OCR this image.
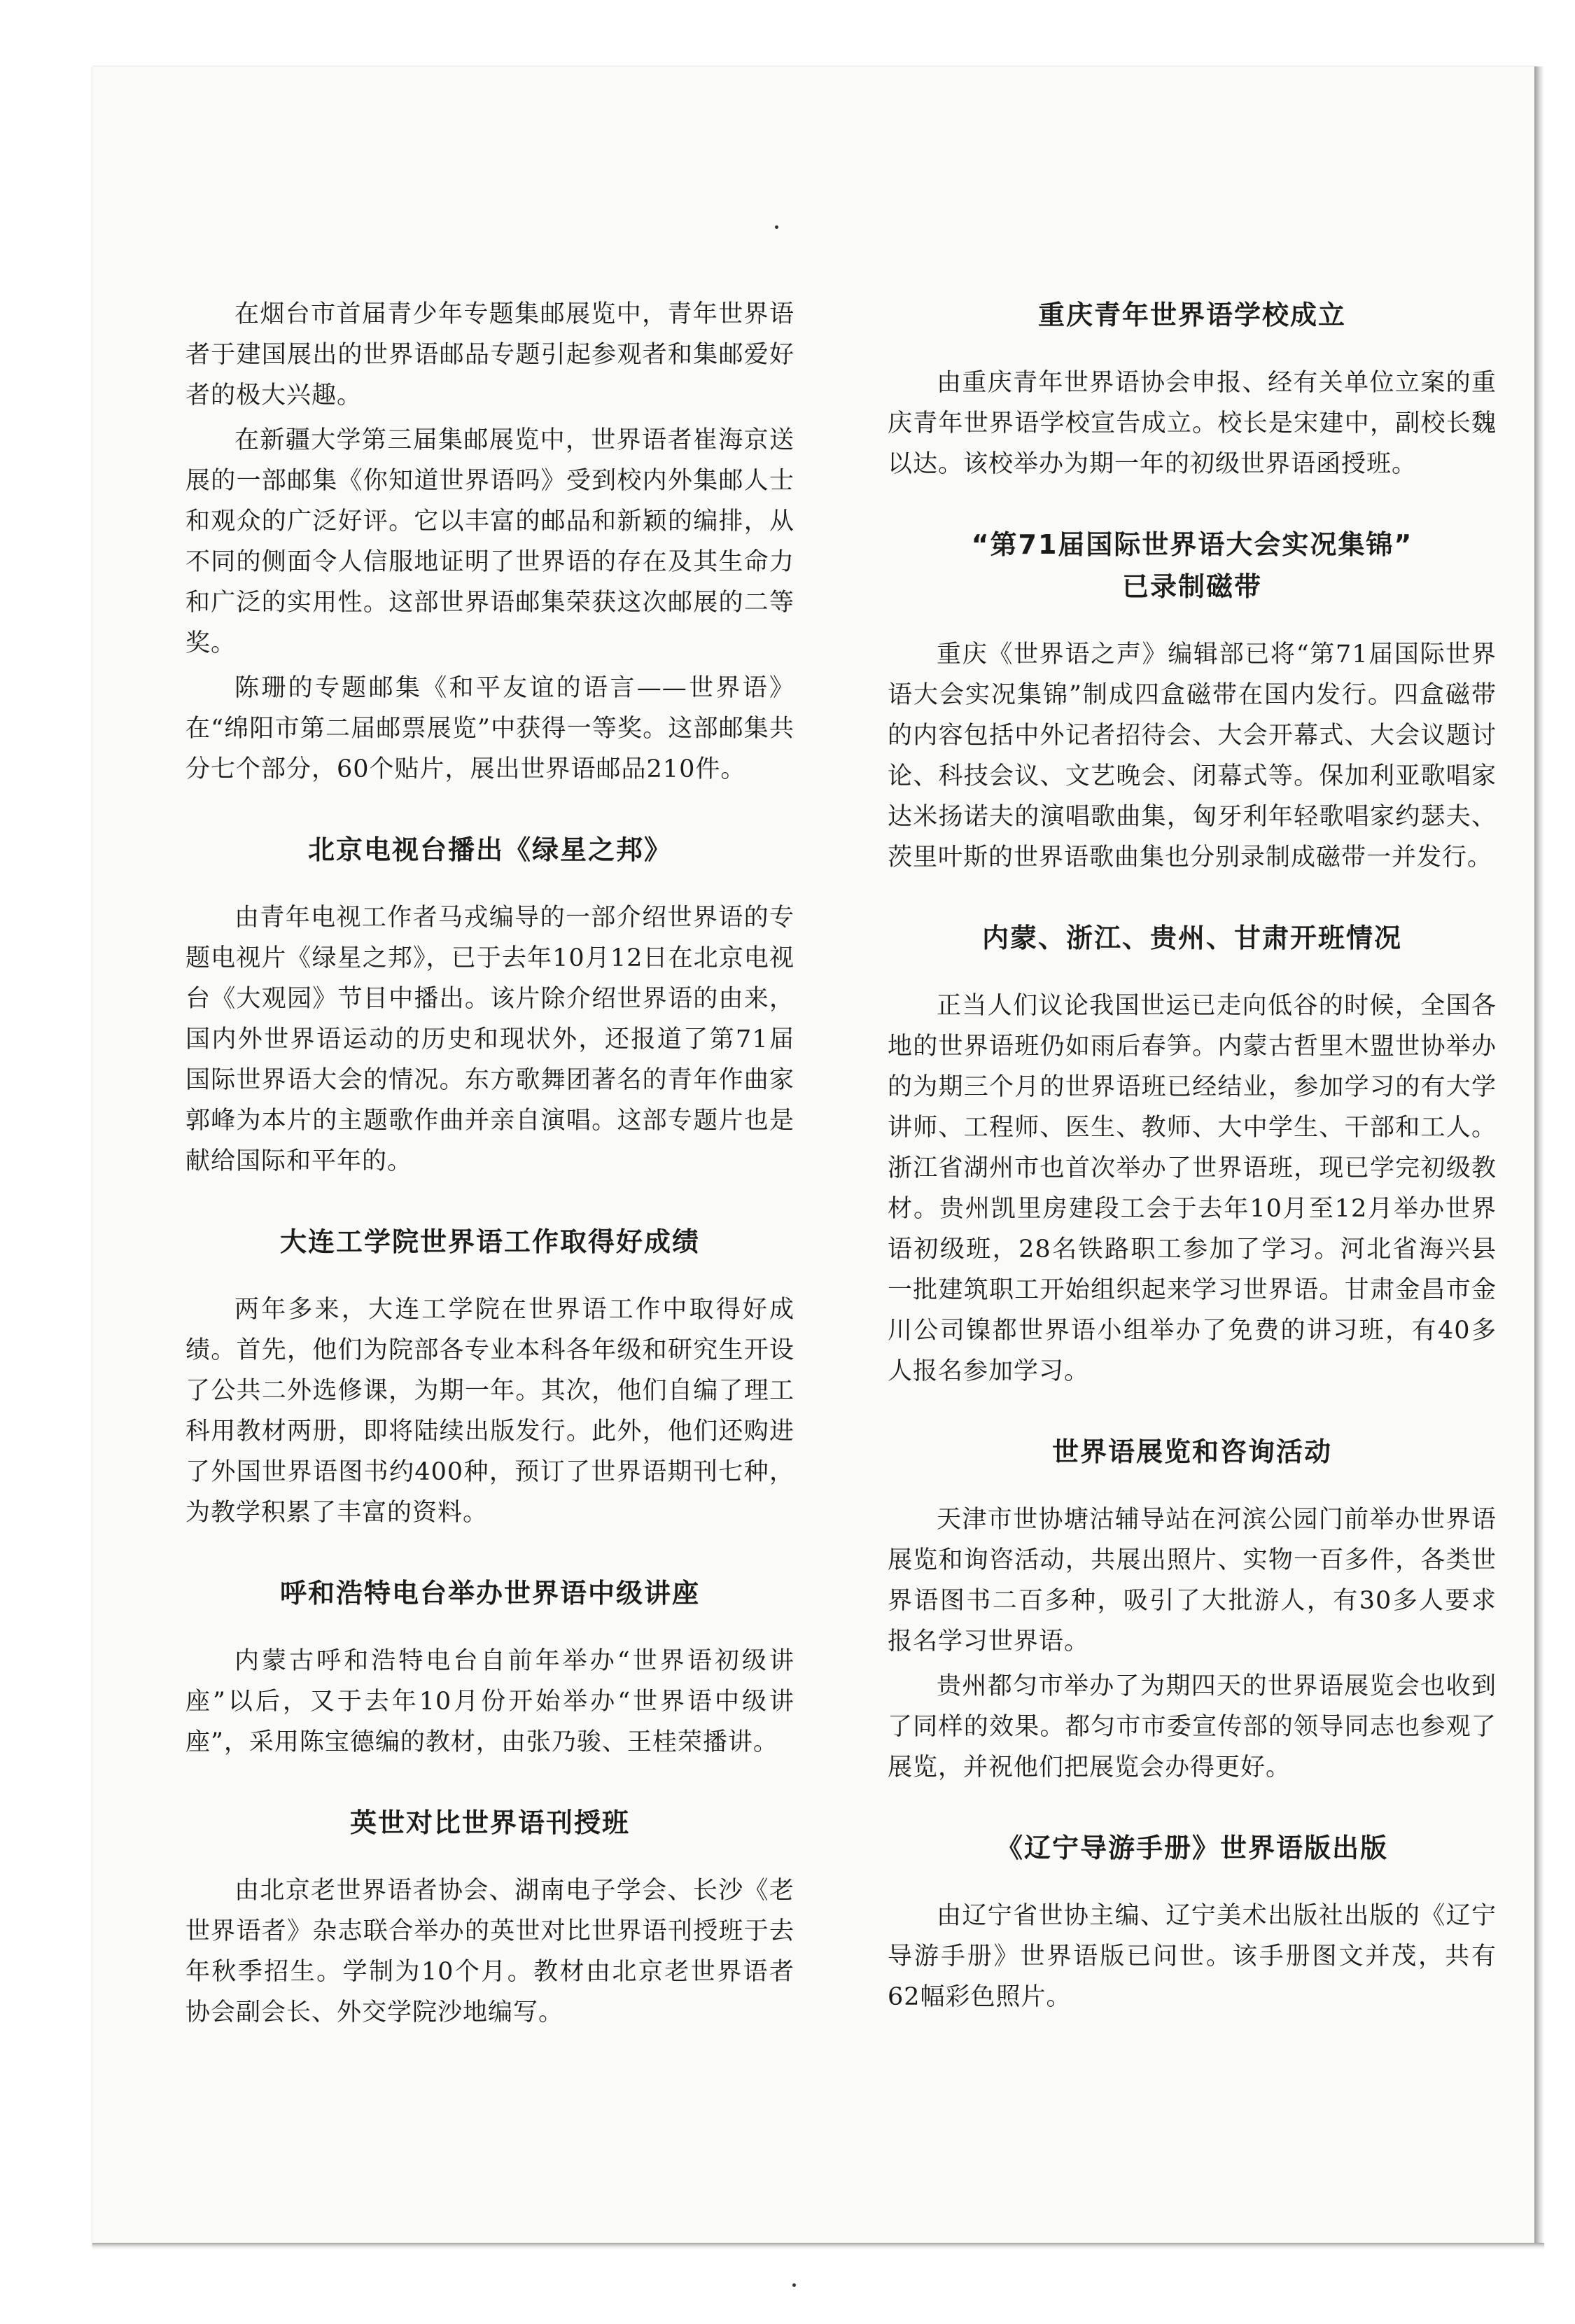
在烟台市首届青少年专题集邮展览中，青年世界语者于建国展出的世界语邮品专题引起参观者和集邮爱好者的极大兴趣。

在新疆大学第三届集邮展览中，世界语者崔海京送展的一部邮集《你知道世界语吗》受到校内外集邮人士和观众的广泛好评。它以丰富的邮品和新颖的编排，从不同的侧面令人信服地证明了世界语的存在及其生命力和广泛的实用性。这部世界语邮集荣获这次邮展的二等奖。

陈珊的专题邮集《和平友谊的语言——世界语》在“绵阳市第二届邮票展览”中获得一等奖。这部邮集共分七个部分，60个贴片，展出世界语邮品210件。

北京电视台播出《绿星之邦》

由青年电视工作者马戎编导的一部介绍世界语的专题电视片《绿星之邦》，已于去年10月12日在北京电视台《大观园》节目中播出。该片除介绍世界语的由来，国内外世界语运动的历史和现状外，还报道了第71届国际世界语大会的情况。东方歌舞团著名的青年作曲家郭峰为本片的主题歌作曲并亲自演唱。这部专题片也是献给国际和平年的。

大连工学院世界语工作取得好成绩

两年多来，大连工学院在世界语工作中取得好成绩。首先，他们为院部各专业本科各年级和研究生开设了公共二外选修课，为期一年。其次，他们自编了理工科用教材两册，即将陆续出版发行。此外，他们还购进了外国世界语图书约400种，预订了世界语期刊七种，为教学积累了丰富的资料。

呼和浩特电台举办世界语中级讲座

内蒙古呼和浩特电台自前年举办“世界语初级讲座”以后，又于去年10月份开始举办“世界语中级讲座”，采用陈宝德编的教材，由张乃骏、王桂荣播讲。

英世对比世界语刊授班

由北京老世界语者协会、湖南电子学会、长沙《老世界语者》杂志联合举办的英世对比世界语刊授班于去年秋季招生。学制为10个月。教材由北京老世界语者协会副会长、外交学院沙地编写。

重庆青年世界语学校成立

由重庆青年世界语协会申报、经有关单位立案的重庆青年世界语学校宣告成立。校长是宋建中，副校长魏以达。该校举办为期一年的初级世界语函授班。

“第71届国际世界语大会实况集锦”
已录制磁带

重庆《世界语之声》编辑部已将“第71届国际世界语大会实况集锦”制成四盒磁带在国内发行。四盒磁带的内容包括中外记者招待会、大会开幕式、大会议题讨论、科技会议、文艺晚会、闭幕式等。保加利亚歌唱家达米扬诺夫的演唱歌曲集，匈牙利年轻歌唱家约瑟夫、茨里叶斯的世界语歌曲集也分别录制成磁带一并发行。

内蒙、浙江、贵州、甘肃开班情况

正当人们议论我国世运已走向低谷的时候，全国各地的世界语班仍如雨后春笋。内蒙古哲里木盟世协举办的为期三个月的世界语班已经结业，参加学习的有大学讲师、工程师、医生、教师、大中学生、干部和工人。浙江省湖州市也首次举办了世界语班，现已学完初级教材。贵州凯里房建段工会于去年10月至12月举办世界语初级班，28名铁路职工参加了学习。河北省海兴县一批建筑职工开始组织起来学习世界语。甘肃金昌市金川公司镍都世界语小组举办了免费的讲习班，有40多人报名参加学习。

世界语展览和咨询活动

天津市世协塘沽辅导站在河滨公园门前举办世界语展览和询咨活动，共展出照片、实物一百多件，各类世界语图书二百多种，吸引了大批游人，有30多人要求报名学习世界语。

贵州都匀市举办了为期四天的世界语展览会也收到了同样的效果。都匀市市委宣传部的领导同志也参观了展览，并祝他们把展览会办得更好。

《辽宁导游手册》世界语版出版

由辽宁省世协主编、辽宁美术出版社出版的《辽宁导游手册》世界语版已问世。该手册图文并茂，共有62幅彩色照片。
